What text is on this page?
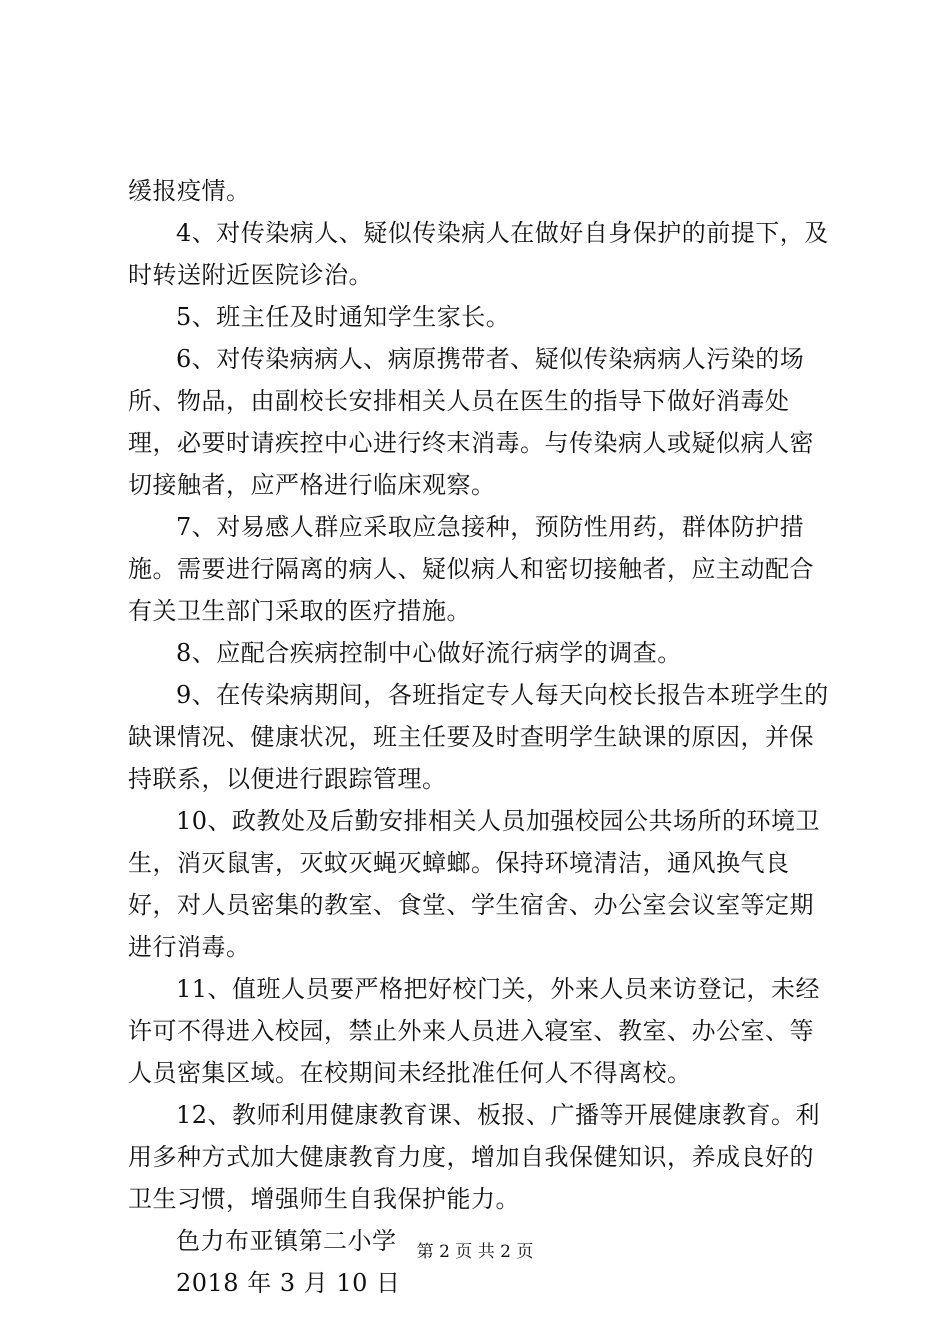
缓报疫情。

4、对传染病人、疑似传染病人在做好自身保护的前提下，及时转送附近医院诊治。

5、班主任及时通知学生家长。

6、对传染病病人、病原携带者、疑似传染病病人污染的场所、物品，由副校长安排相关人员在医生的指导下做好消毒处理，必要时请疾控中心进行终末消毒。与传染病人或疑似病人密切接触者，应严格进行临床观察。

7、对易感人群应采取应急接种，预防性用药，群体防护措施。需要进行隔离的病人、疑似病人和密切接触者，应主动配合有关卫生部门采取的医疗措施。

8、应配合疾病控制中心做好流行病学的调查。

9、在传染病期间，各班指定专人每天向校长报告本班学生的缺课情况、健康状况，班主任要及时查明学生缺课的原因，并保持联系，以便进行跟踪管理。

10、政教处及后勤安排相关人员加强校园公共场所的环境卫生，消灭鼠害，灭蚊灭蝇灭蟑螂。保持环境清洁，通风换气良好，对人员密集的教室、食堂、学生宿舍、办公室会议室等定期进行消毒。

11、值班人员要严格把好校门关，外来人员来访登记，未经许可不得进入校园，禁止外来人员进入寝室、教室、办公室、等人员密集区域。在校期间未经批准任何人不得离校。

12、教师利用健康教育课、板报、广播等开展健康教育。利用多种方式加大健康教育力度，增加自我保健知识，养成良好的卫生习惯，增强师生自我保护能力。

色力布亚镇第二小学

2018 年 3 月 10 日

第 2 页 共 2 页
